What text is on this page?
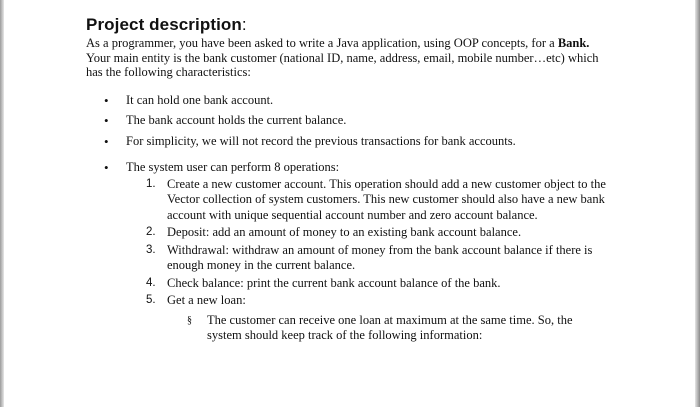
Project description:

As a programmer, you have been asked to write a Java application, using OOP concepts, for a Bank. Your main entity is the bank customer (national ID, name, address, email, mobile number…etc) which has the following characteristics:

• It can hold one bank account.
• The bank account holds the current balance.
• For simplicity, we will not record the previous transactions for bank accounts.
• The system user can perform 8 operations:
1. Create a new customer account. This operation should add a new customer object to the Vector collection of system customers. This new customer should also have a new bank account with unique sequential account number and zero account balance.
2. Deposit: add an amount of money to an existing bank account balance.
3. Withdrawal: withdraw an amount of money from the bank account balance if there is enough money in the current balance.
4. Check balance: print the current bank account balance of the bank.
5. Get a new loan:
§ The customer can receive one loan at maximum at the same time. So, the system should keep track of the following information:
